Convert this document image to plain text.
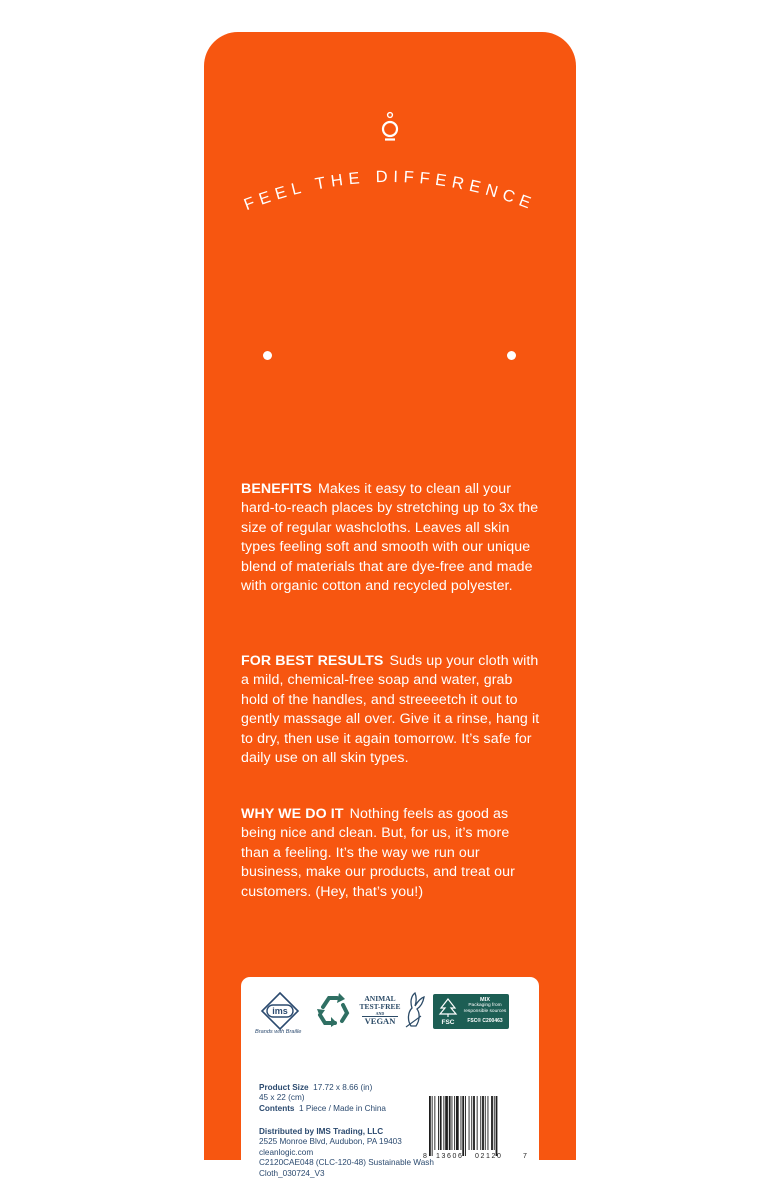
FEEL THE DIFFERENCE
BENEFITS Makes it easy to clean all your hard-to-reach places by stretching up to 3x the size of regular washcloths. Leaves all skin types feeling soft and smooth with our unique blend of materials that are dye-free and made with organic cotton and recycled polyester.
FOR BEST RESULTS Suds up your cloth with a mild, chemical-free soap and water, grab hold of the handles, and streeeetch it out to gently massage all over. Give it a rinse, hang it to dry, then use it again tomorrow. It’s safe for daily use on all skin types.
WHY WE DO IT Nothing feels as good as being nice and clean. But, for us, it’s more than a feeling. It’s the way we run our business, make our products, and treat our customers. (Hey, that’s you!)
ims
Brands with Braille
ANIMAL
TEST-FREE
AND
VEGAN	FSC
MIX
Packaging from responsible sources
FSC® C200463
Product Size 17.72 x 8.66 (in)
45 x 22 (cm)
Contents 1 Piece / Made in China
Distributed by IMS Trading, LLC
2525 Monroe Blvd, Audubon, PA 19403
cleanlogic.com
C2120CAE048 (CLC-120-48) Sustainable Wash
Cloth_030724_V3
8 13606 02120	7
